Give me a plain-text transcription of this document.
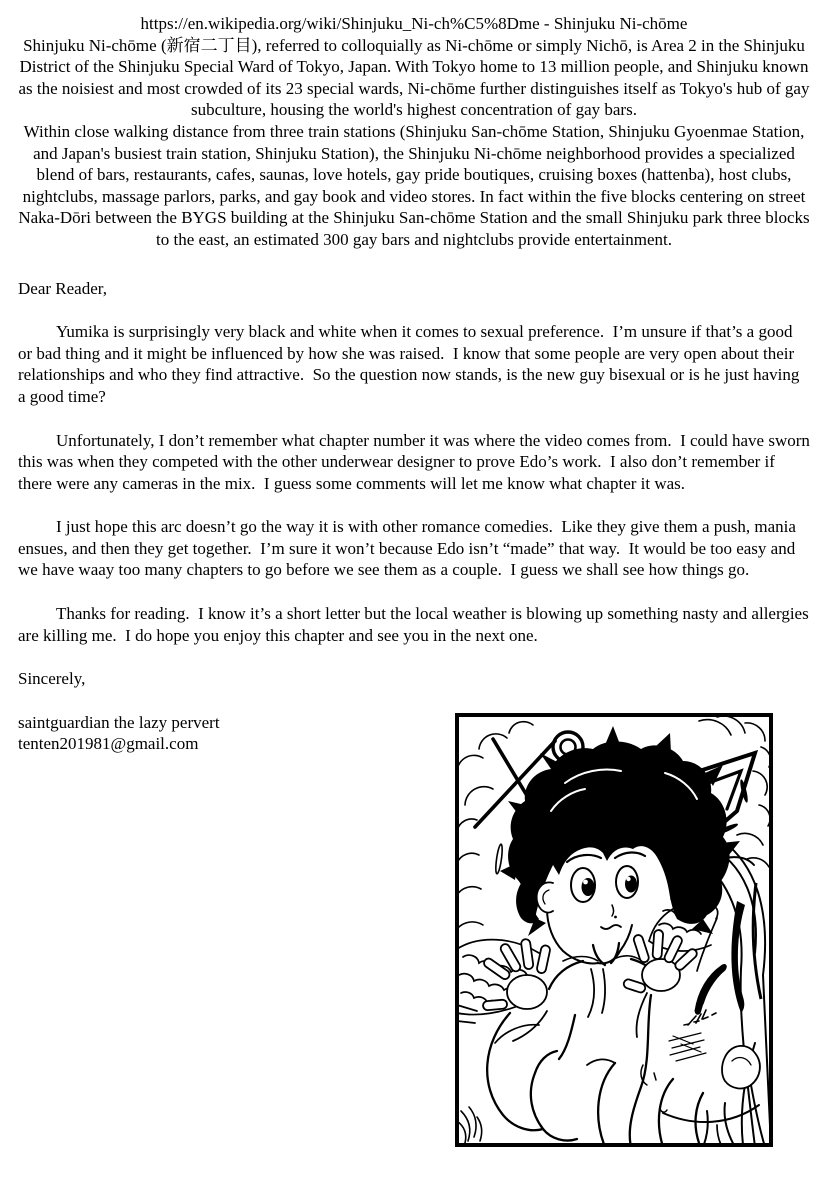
https://en.wikipedia.org/wiki/Shinjuku_Ni-ch%C5%8Dme - Shinjuku Ni-chōme

Shinjuku Ni-chōme (新宿二丁目), referred to colloquially as Ni-chōme or simply Nichō, is Area 2 in the Shinjuku District of the Shinjuku Special Ward of Tokyo, Japan. With Tokyo home to 13 million people, and Shinjuku known as the noisiest and most crowded of its 23 special wards, Ni-chōme further distinguishes itself as Tokyo's hub of gay subculture, housing the world's highest concentration of gay bars.

Within close walking distance from three train stations (Shinjuku San-chōme Station, Shinjuku Gyoenmae Station, and Japan's busiest train station, Shinjuku Station), the Shinjuku Ni-chōme neighborhood provides a specialized blend of bars, restaurants, cafes, saunas, love hotels, gay pride boutiques, cruising boxes (hattenba), host clubs, nightclubs, massage parlors, parks, and gay book and video stores. In fact within the five blocks centering on street Naka-Dōri between the BYGS building at the Shinjuku San-chōme Station and the small Shinjuku park three blocks to the east, an estimated 300 gay bars and nightclubs provide entertainment.

Dear Reader,

Yumika is surprisingly very black and white when it comes to sexual preference.  I’m unsure if that’s a good or bad thing and it might be influenced by how she was raised.  I know that some people are very open about their relationships and who they find attractive.  So the question now stands, is the new guy bisexual or is he just having a good time?

Unfortunately, I don’t remember what chapter number it was where the video comes from.  I could have sworn this was when they competed with the other underwear designer to prove Edo’s work.  I also don’t remember if there were any cameras in the mix.  I guess some comments will let me know what chapter it was.

I just hope this arc doesn’t go the way it is with other romance comedies.  Like they give them a push, mania ensues, and then they get together.  I’m sure it won’t because Edo isn’t “made” that way.  It would be too easy and we have waay too many chapters to go before we see them as a couple.  I guess we shall see how things go.

Thanks for reading.  I know it’s a short letter but the local weather is blowing up something nasty and allergies are killing me.  I do hope you enjoy this chapter and see you in the next one.

Sincerely,

saintguardian the lazy pervert

tenten201981@gmail.com
